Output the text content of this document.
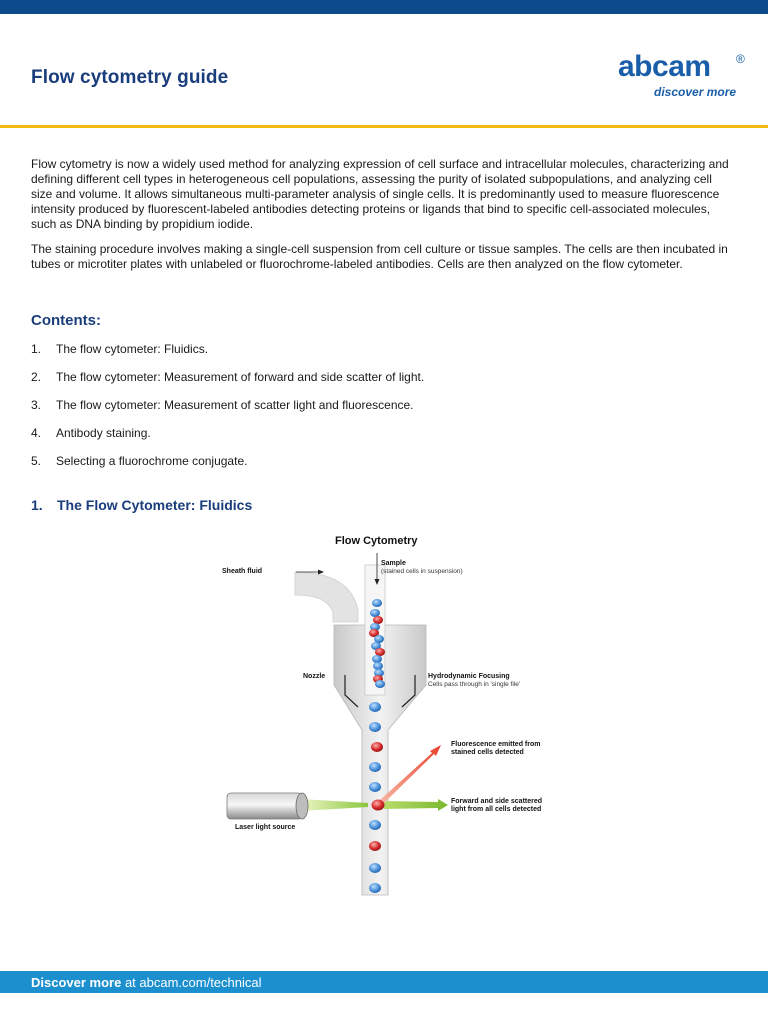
Flow cytometry guide	abcam ®
discover more

Flow cytometry is now a widely used method for analyzing expression of cell surface and intracellular molecules, characterizing and defining different cell types in heterogeneous cell populations, assessing the purity of isolated subpopulations, and analyzing cell size and volume. It allows simultaneous multi-parameter analysis of single cells. It is predominantly used to measure fluorescence intensity produced by fluorescent-labeled antibodies detecting proteins or ligands that bind to specific cell-associated molecules, such as DNA binding by propidium iodide.

The staining procedure involves making a single-cell suspension from cell culture or tissue samples. The cells are then incubated in tubes or microtiter plates with unlabeled or fluorochrome-labeled antibodies. Cells are then analyzed on the flow cytometer.

Contents:
1.	The flow cytometer: Fluidics.
2.	The flow cytometer: Measurement of forward and side scatter of light.
3.	The flow cytometer: Measurement of scatter light and fluorescence.
4.	Antibody staining.
5.	Selecting a fluorochrome conjugate.
1. The Flow Cytometer: Fluidics
Flow Cytometry
Sheath fluid
Sample
(stained cells in suspension)
Nozzle	Hydrodynamic Focusing
Cells pass through in 'single file'
Fluorescence emitted from
stained cells detected
Forward and side scattered
light from all cells detected
Laser light source
Discover more at abcam.com/technical
